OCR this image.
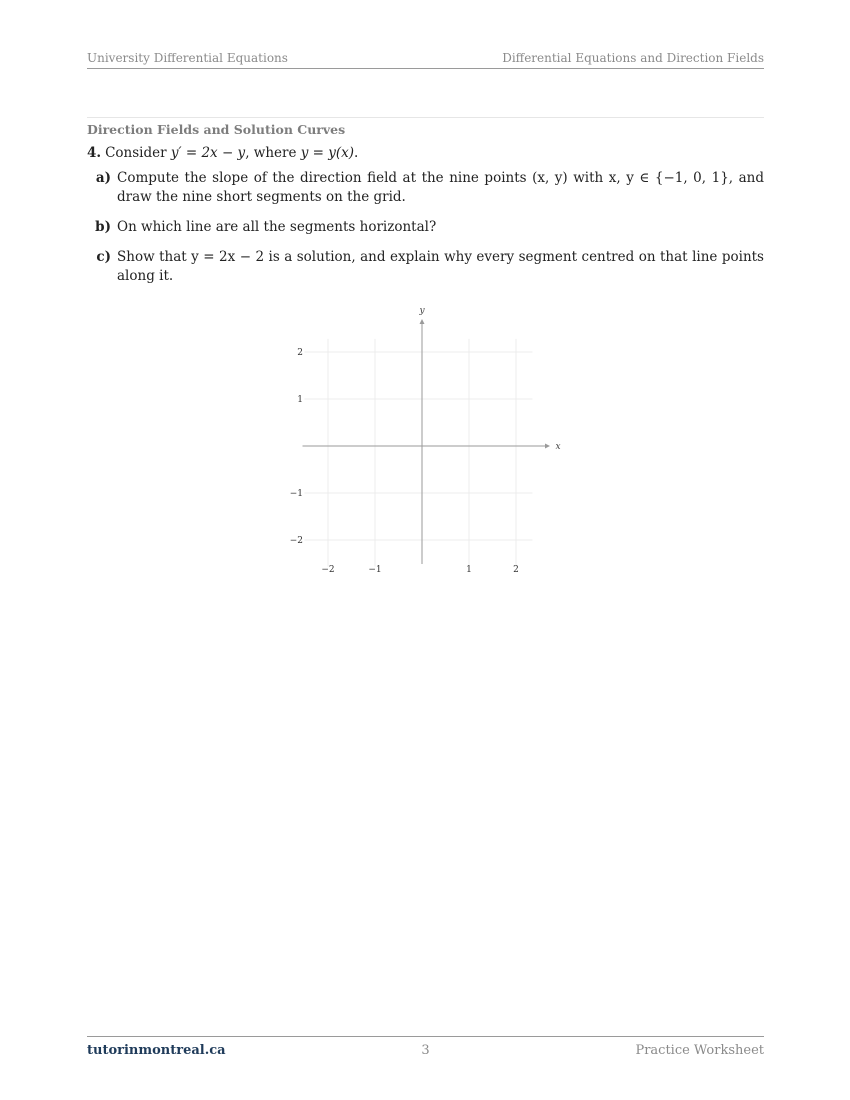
University Differential Equations	Differential Equations and Direction Fields
Direction Fields and Solution Curves
4. Consider y′ = 2x − y, where y = y(x).
a) Compute the slope of the direction field at the nine points (x, y) with x, y ∈ {−1, 0, 1}, and draw the nine short segments on the grid.
b) On which line are all the segments horizontal?
c) Show that y = 2x − 2 is a solution, and explain why every segment centred on that line points along it.
x
y
−2	−1	1	2
2
1
−1
−2
tutorinmontreal.ca	3	Practice Worksheet
